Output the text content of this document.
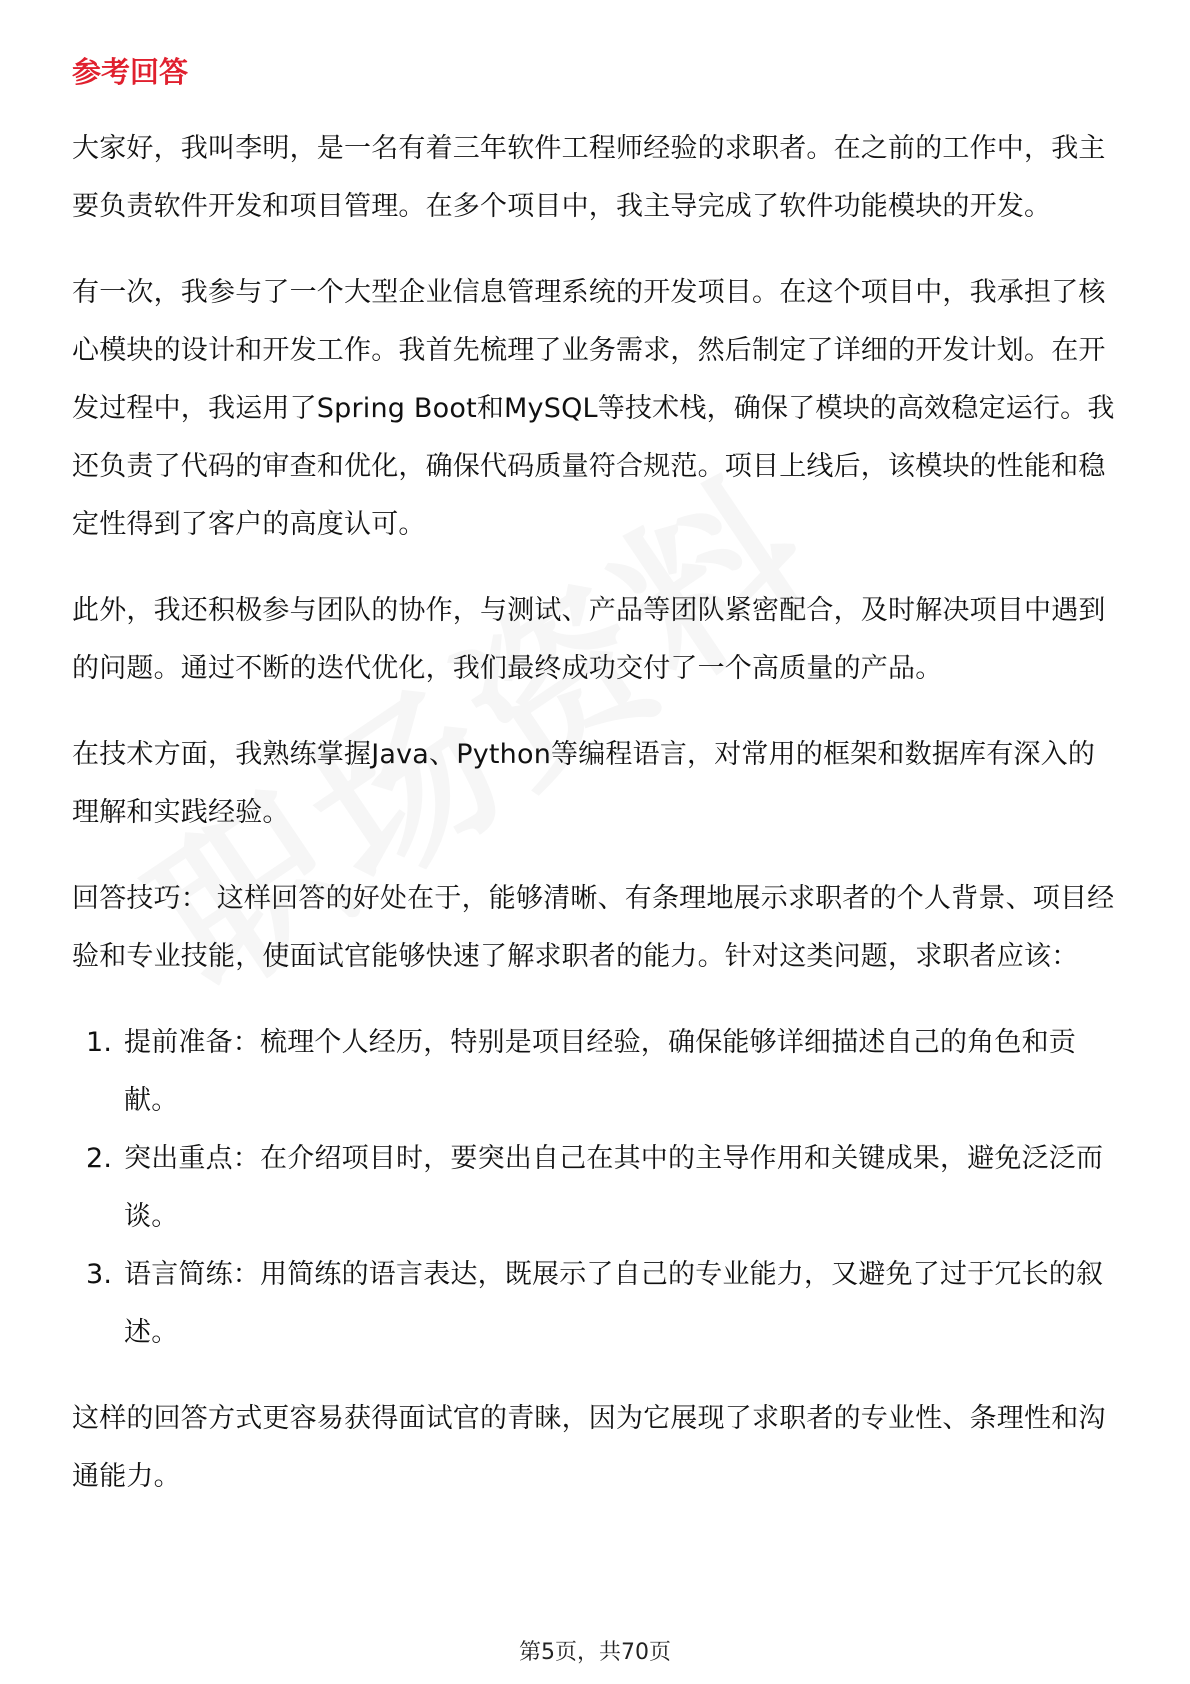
参考回答

大家好，我叫李明，是一名有着三年软件工程师经验的求职者。在之前的工作中，我主要负责软件开发和项目管理。在多个项目中，我主导完成了软件功能模块的开发。

有一次，我参与了一个大型企业信息管理系统的开发项目。在这个项目中，我承担了核心模块的设计和开发工作。我首先梳理了业务需求，然后制定了详细的开发计划。在开发过程中，我运用了Spring Boot和MySQL等技术栈，确保了模块的高效稳定运行。我还负责了代码的审查和优化，确保代码质量符合规范。项目上线后，该模块的性能和稳定性得到了客户的高度认可。

此外，我还积极参与团队的协作，与测试、产品等团队紧密配合，及时解决项目中遇到的问题。通过不断的迭代优化，我们最终成功交付了一个高质量的产品。

在技术方面，我熟练掌握Java、Python等编程语言，对常用的框架和数据库有深入的理解和实践经验。

回答技巧： 这样回答的好处在于，能够清晰、有条理地展示求职者的个人背景、项目经验和专业技能，使面试官能够快速了解求职者的能力。针对这类问题，求职者应该：

1. 提前准备：梳理个人经历，特别是项目经验，确保能够详细描述自己的角色和贡献。
2. 突出重点：在介绍项目时，要突出自己在其中的主导作用和关键成果，避免泛泛而谈。
3. 语言简练：用简练的语言表达，既展示了自己的专业能力，又避免了过于冗长的叙述。

这样的回答方式更容易获得面试官的青睐，因为它展现了求职者的专业性、条理性和沟通能力。

第5页，共70页
